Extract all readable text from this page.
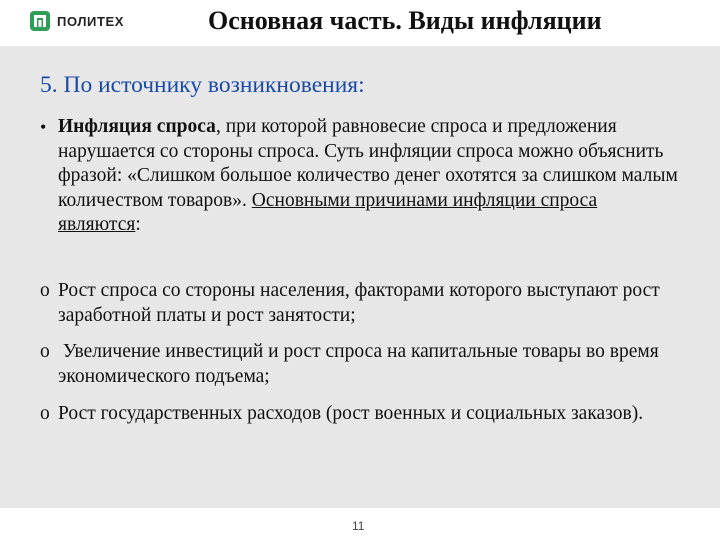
ПОЛИТЕХ	Основная часть. Виды инфляции
5. По источнику возникновения:
• Инфляция спроса, при которой равновесие спроса и предложения нарушается со стороны спроса. Суть инфляции спроса можно объяснить фразой: «Слишком большое количество денег охотятся за слишком малым количеством товаров». Основными причинами инфляции спроса являются:
o Рост спроса со стороны населения, факторами которого выступают рост заработной платы и рост занятости;
o Увеличение инвестиций и рост спроса на капитальные товары во время экономического подъема;
o Рост государственных расходов (рост военных и социальных заказов).
11
